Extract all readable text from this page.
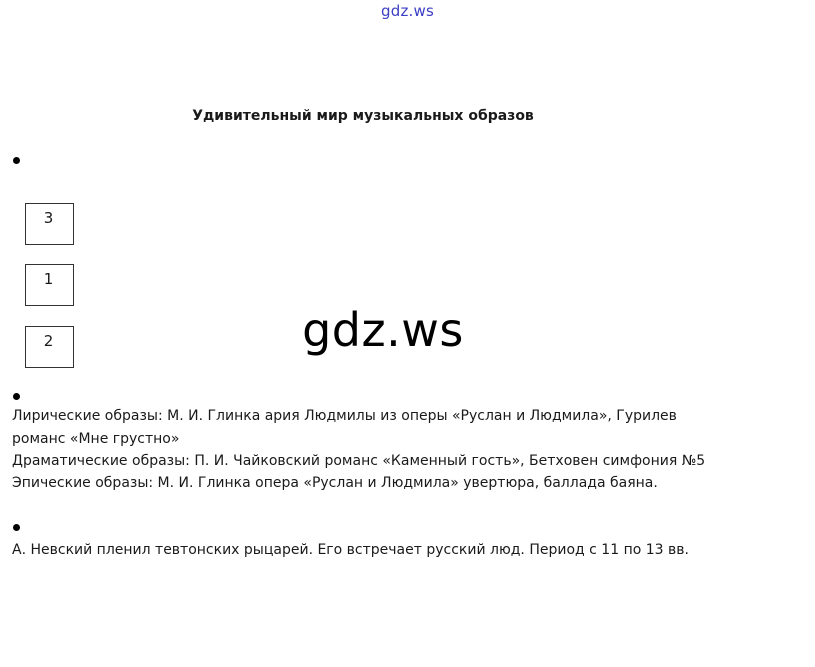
gdz.ws
Удивительный мир музыкальных образов
3
1
2	gdz.ws
Лирические образы: М. И. Глинка ария Людмилы из оперы «Руслан и Людмила», Гурилев
романс «Мне грустно»
Драматические образы: П. И. Чайковский романс «Каменный гость», Бетховен симфония №5
Эпические образы: М. И. Глинка опера «Руслан и Людмила» увертюра, баллада баяна.
А. Невский пленил тевтонских рыцарей. Его встречает русский люд. Период с 11 по 13 вв.
